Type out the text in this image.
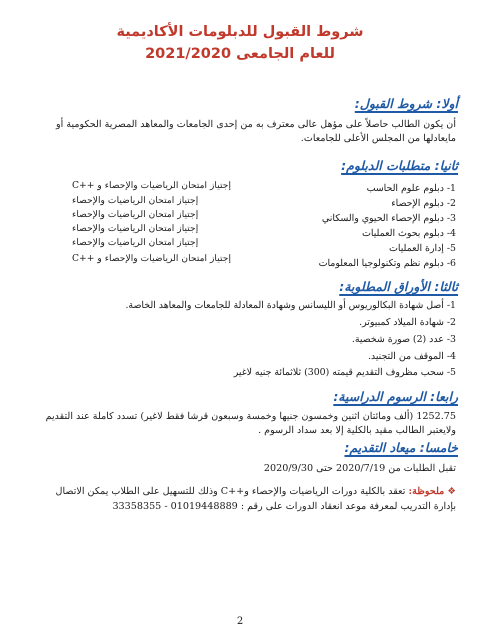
شروط القبول للدبلومات الأكاديمية
للعام الجامعى 2021/2020
أولا: شروط القبول:
أن يكون الطالب حاصلاً على مؤهل عالى معترف به من إحدى الجامعات والمعاهد المصرية الحكومية أو
مايعادلها من المجلس الأعلى للجامعات.
ثانيا: متطلبات الدبلوم:
1- دبلوم علوم الحاسب
إجتياز امتحان الرياضيات والإحصاء و ++C
2- دبلوم الإحصاء
إجتياز امتحان الرياضيات والإحصاء
3- دبلوم الإحصاء الحيوي والسكاني
إجتياز امتحان الرياضيات والإحصاء
4- دبلوم بحوث العمليات
إجتياز امتحان الرياضيات والإحصاء
5- إدارة العمليات
إجتياز امتحان الرياضيات والإحصاء
6- دبلوم نظم وتكنولوجيا المعلومات
إجتياز امتحان الرياضيات والإحصاء و ++C
ثالثا: الأوراق المطلوبة:
1- أصل شهادة البكالوريوس أو الليسانس وشهادة المعادلة للجامعات والمعاهد الخاصة.
2- شهادة الميلاد كمبيوتر.
3- عدد (2) صورة شخصية.
4- الموقف من التجنيد.
5- سحب مظروف التقديم قيمته (300) ثلاثمائة جنيه لاغير
رابعا: الرسوم الدراسية:
1252.75 (ألف ومائتان اثنين وخمسون جنيها وخمسة وسبعون قرشا فقط لاغير) تسدد كاملة عند التقديم
ولايعتبر الطالب مقيد بالكلية إلا بعد سداد الرسوم .
خامسا: ميعاد التقديم:
تقبل الطلبات من 2020/7/19 حتى 2020/9/30
❖ ملحوظة: تعقد بالكلية دورات الرياضيات والإحصاء و++C وذلك للتسهيل على الطلاب يمكن الاتصال
بإدارة التدريب لمعرفة موعد انعقاد الدورات على رقم : 01019448889 - 33358355
2
